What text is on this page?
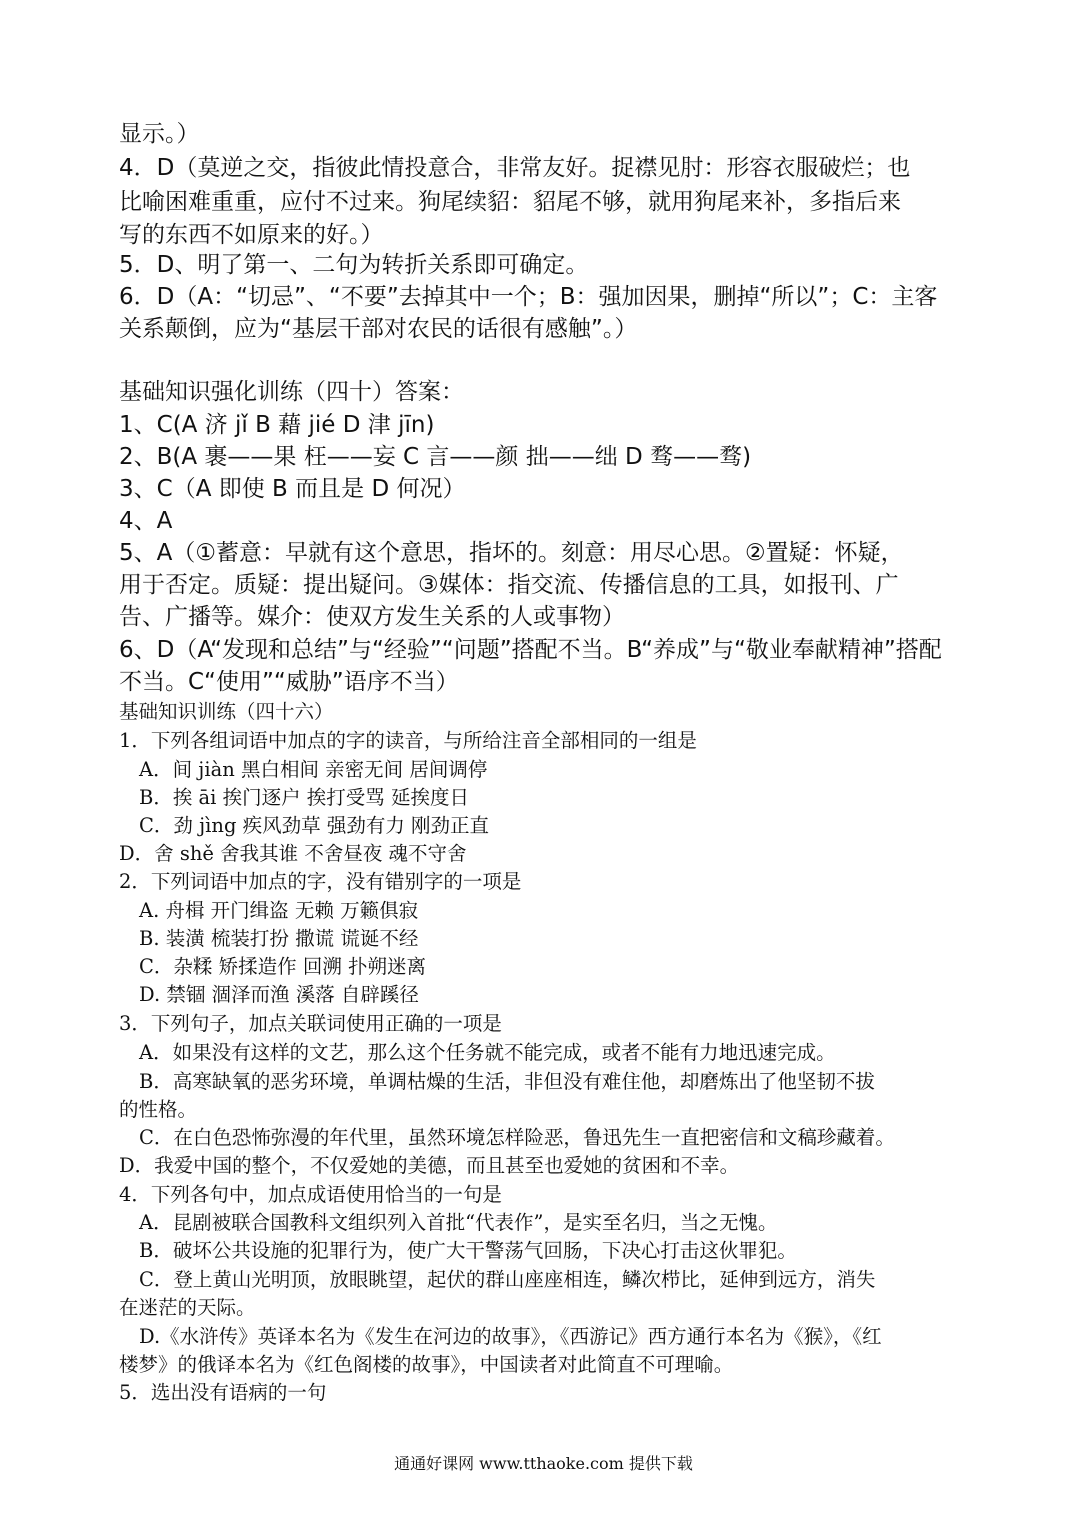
显示。）
4．D（莫逆之交，指彼此情投意合，非常友好。捉襟见肘：形容衣服破烂；也
比喻困难重重，应付不过来。狗尾续貂：貂尾不够，就用狗尾来补，多指后来
写的东西不如原来的好。）
5．D、明了第一、二句为转折关系即可确定。
6．D（A：“切忌”、“不要”去掉其中一个；B：强加因果，删掉“所以”；C：主客
关系颠倒，应为“基层干部对农民的话很有感触”。）
基础知识强化训练（四十）答案：
1、C(A 济 jǐ B 藉 jié D 津 jīn)
2、B(A 裹——果 枉——妄 C 言——颜 拙——绌 D 骛——骛)
3、C（A 即使 B 而且是 D 何况）
4、A
5、A（①蓄意：早就有这个意思，指坏的。刻意：用尽心思。②置疑：怀疑，
用于否定。质疑：提出疑问。③媒体：指交流、传播信息的工具，如报刊、广
告、广播等。媒介：使双方发生关系的人或事物）
6、D（A“发现和总结”与“经验”“问题”搭配不当。B“养成”与“敬业奉献精神”搭配
不当。C“使用”“威胁”语序不当）
基础知识训练（四十六）
1．下列各组词语中加点的字的读音，与所给注音全部相同的一组是
A．间 jiàn 黑白相间 亲密无间 居间调停
B．挨 āi 挨门逐户 挨打受骂 延挨度日
C．劲 jìng 疾风劲草 强劲有力 刚劲正直
D．舍 shě 舍我其谁 不舍昼夜 魂不守舍
2．下列词语中加点的字，没有错别字的一项是
A. 舟楫 开门缉盗 无赖 万籁俱寂
B. 装潢 梳装打扮 撒谎 谎诞不经
C．杂糅 矫揉造作 回溯 扑朔迷离
D. 禁锢 涸泽而渔 溪落 自辟蹊径
3．下列句子，加点关联词使用正确的一项是
A．如果没有这样的文艺，那么这个任务就不能完成，或者不能有力地迅速完成。
B．高寒缺氧的恶劣环境，单调枯燥的生活，非但没有难住他，却磨炼出了他坚韧不拔
的性格。
C．在白色恐怖弥漫的年代里，虽然环境怎样险恶，鲁迅先生一直把密信和文稿珍藏着。
D．我爱中国的整个，不仅爱她的美德，而且甚至也爱她的贫困和不幸。
4．下列各句中，加点成语使用恰当的一句是
A．昆剧被联合国教科文组织列入首批“代表作”，是实至名归，当之无愧。
B．破坏公共设施的犯罪行为，使广大干警荡气回肠，下决心打击这伙罪犯。
C．登上黄山光明顶，放眼眺望，起伏的群山座座相连，鳞次栉比，延伸到远方，消失
在迷茫的天际。
D.《水浒传》英译本名为《发生在河边的故事》，《西游记》西方通行本名为《猴》，《红
楼梦》的俄译本名为《红色阁楼的故事》，中国读者对此简直不可理喻。
5．选出没有语病的一句
通通好课网 www.tthaoke.com 提供下载
